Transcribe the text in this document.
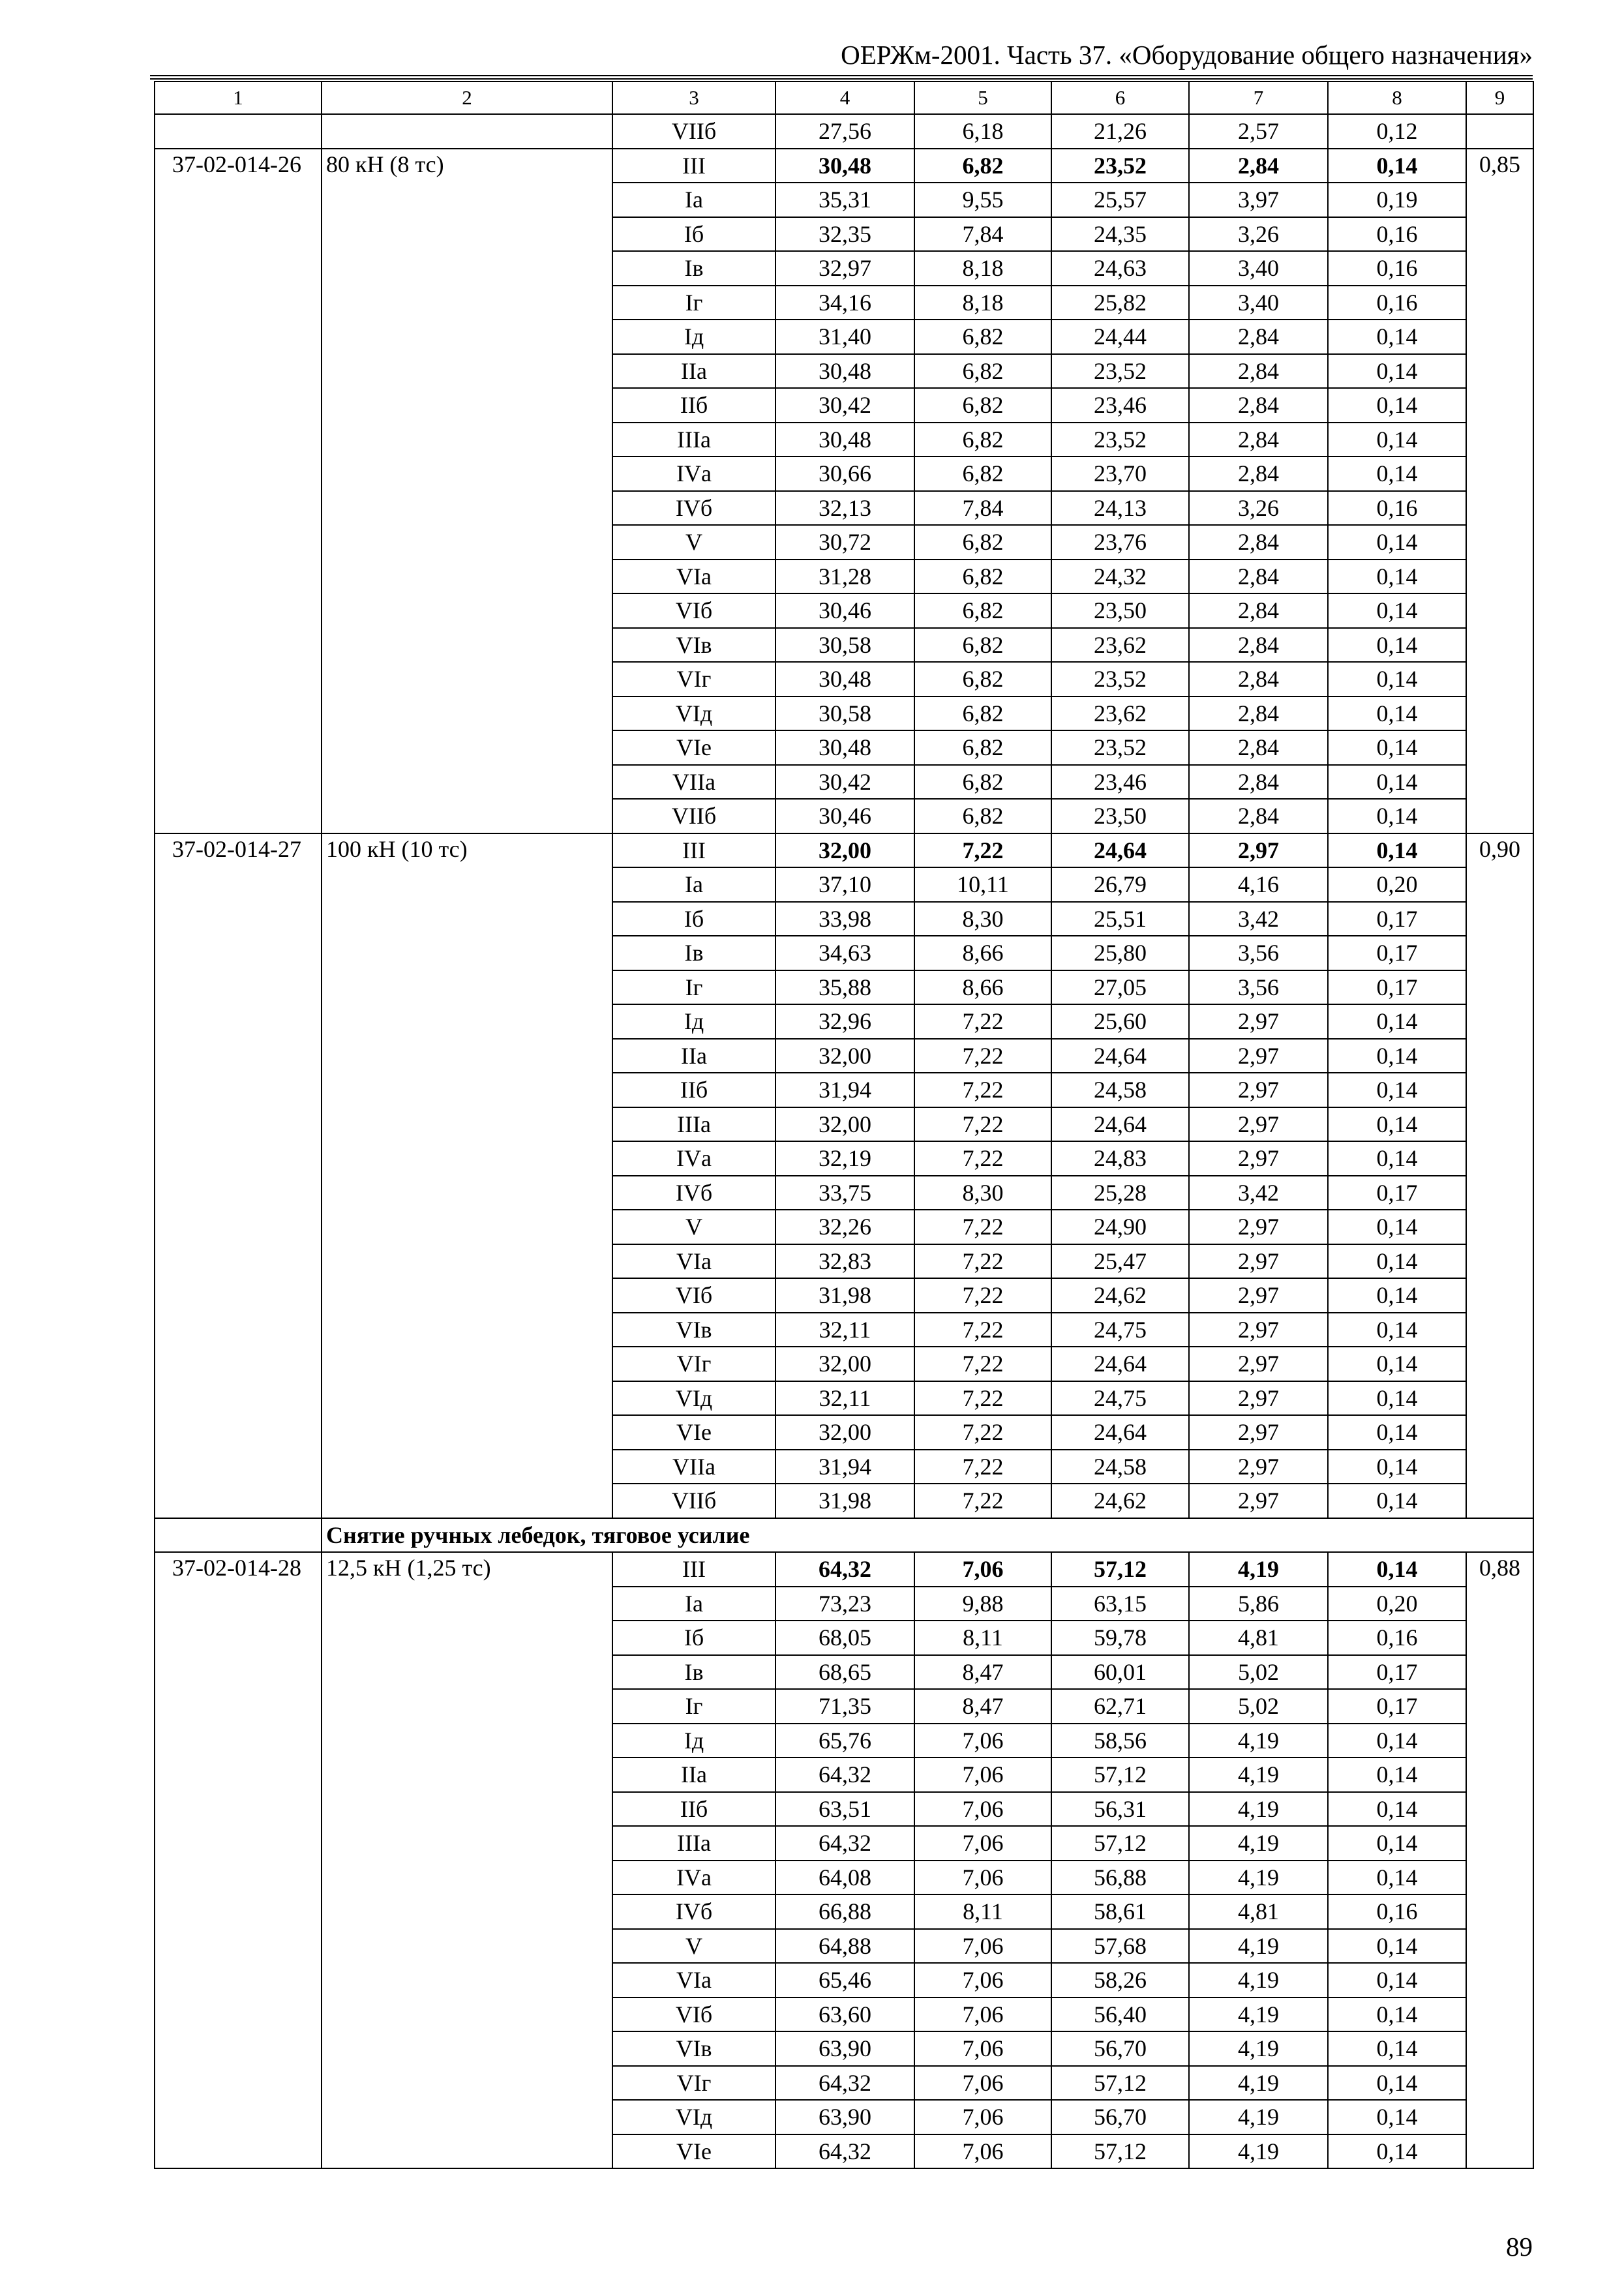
ОЕРЖм-2001. Часть 37. «Оборудование общего назначения»
1	2	3	4	5	6	7	8	9
		VIIб	27,56	6,18	21,26	2,57	0,12	
37-02-014-26	80 кН (8 тс)	III	30,48	6,82	23,52	2,84	0,14	0,85
		Iа	35,31	9,55	25,57	3,97	0,19	
		Iб	32,35	7,84	24,35	3,26	0,16	
		Iв	32,97	8,18	24,63	3,40	0,16	
		Iг	34,16	8,18	25,82	3,40	0,16	
		Iд	31,40	6,82	24,44	2,84	0,14	
		IIа	30,48	6,82	23,52	2,84	0,14	
		IIб	30,42	6,82	23,46	2,84	0,14	
		IIIа	30,48	6,82	23,52	2,84	0,14	
		IVа	30,66	6,82	23,70	2,84	0,14	
		IVб	32,13	7,84	24,13	3,26	0,16	
		V	30,72	6,82	23,76	2,84	0,14	
		VIа	31,28	6,82	24,32	2,84	0,14	
		VIб	30,46	6,82	23,50	2,84	0,14	
		VIв	30,58	6,82	23,62	2,84	0,14	
		VIг	30,48	6,82	23,52	2,84	0,14	
		VIд	30,58	6,82	23,62	2,84	0,14	
		VIе	30,48	6,82	23,52	2,84	0,14	
		VIIа	30,42	6,82	23,46	2,84	0,14	
		VIIб	30,46	6,82	23,50	2,84	0,14	
37-02-014-27	100 кН (10 тс)	III	32,00	7,22	24,64	2,97	0,14	0,90
		Iа	37,10	10,11	26,79	4,16	0,20	
		Iб	33,98	8,30	25,51	3,42	0,17	
		Iв	34,63	8,66	25,80	3,56	0,17	
		Iг	35,88	8,66	27,05	3,56	0,17	
		Iд	32,96	7,22	25,60	2,97	0,14	
		IIа	32,00	7,22	24,64	2,97	0,14	
		IIб	31,94	7,22	24,58	2,97	0,14	
		IIIа	32,00	7,22	24,64	2,97	0,14	
		IVа	32,19	7,22	24,83	2,97	0,14	
		IVб	33,75	8,30	25,28	3,42	0,17	
		V	32,26	7,22	24,90	2,97	0,14	
		VIа	32,83	7,22	25,47	2,97	0,14	
		VIб	31,98	7,22	24,62	2,97	0,14	
		VIв	32,11	7,22	24,75	2,97	0,14	
		VIг	32,00	7,22	24,64	2,97	0,14	
		VIд	32,11	7,22	24,75	2,97	0,14	
		VIе	32,00	7,22	24,64	2,97	0,14	
		VIIа	31,94	7,22	24,58	2,97	0,14	
		VIIб	31,98	7,22	24,62	2,97	0,14	
	Снятие ручных лебедок, тяговое усилие							
37-02-014-28	12,5 кН (1,25 тс)	III	64,32	7,06	57,12	4,19	0,14	0,88
		Iа	73,23	9,88	63,15	5,86	0,20	
		Iб	68,05	8,11	59,78	4,81	0,16	
		Iв	68,65	8,47	60,01	5,02	0,17	
		Iг	71,35	8,47	62,71	5,02	0,17	
		Iд	65,76	7,06	58,56	4,19	0,14	
		IIа	64,32	7,06	57,12	4,19	0,14	
		IIб	63,51	7,06	56,31	4,19	0,14	
		IIIа	64,32	7,06	57,12	4,19	0,14	
		IVа	64,08	7,06	56,88	4,19	0,14	
		IVб	66,88	8,11	58,61	4,81	0,16	
		V	64,88	7,06	57,68	4,19	0,14	
		VIа	65,46	7,06	58,26	4,19	0,14	
		VIб	63,60	7,06	56,40	4,19	0,14	
		VIв	63,90	7,06	56,70	4,19	0,14	
		VIг	64,32	7,06	57,12	4,19	0,14	
		VIд	63,90	7,06	56,70	4,19	0,14	
		VIе	64,32	7,06	57,12	4,19	0,14	
89
